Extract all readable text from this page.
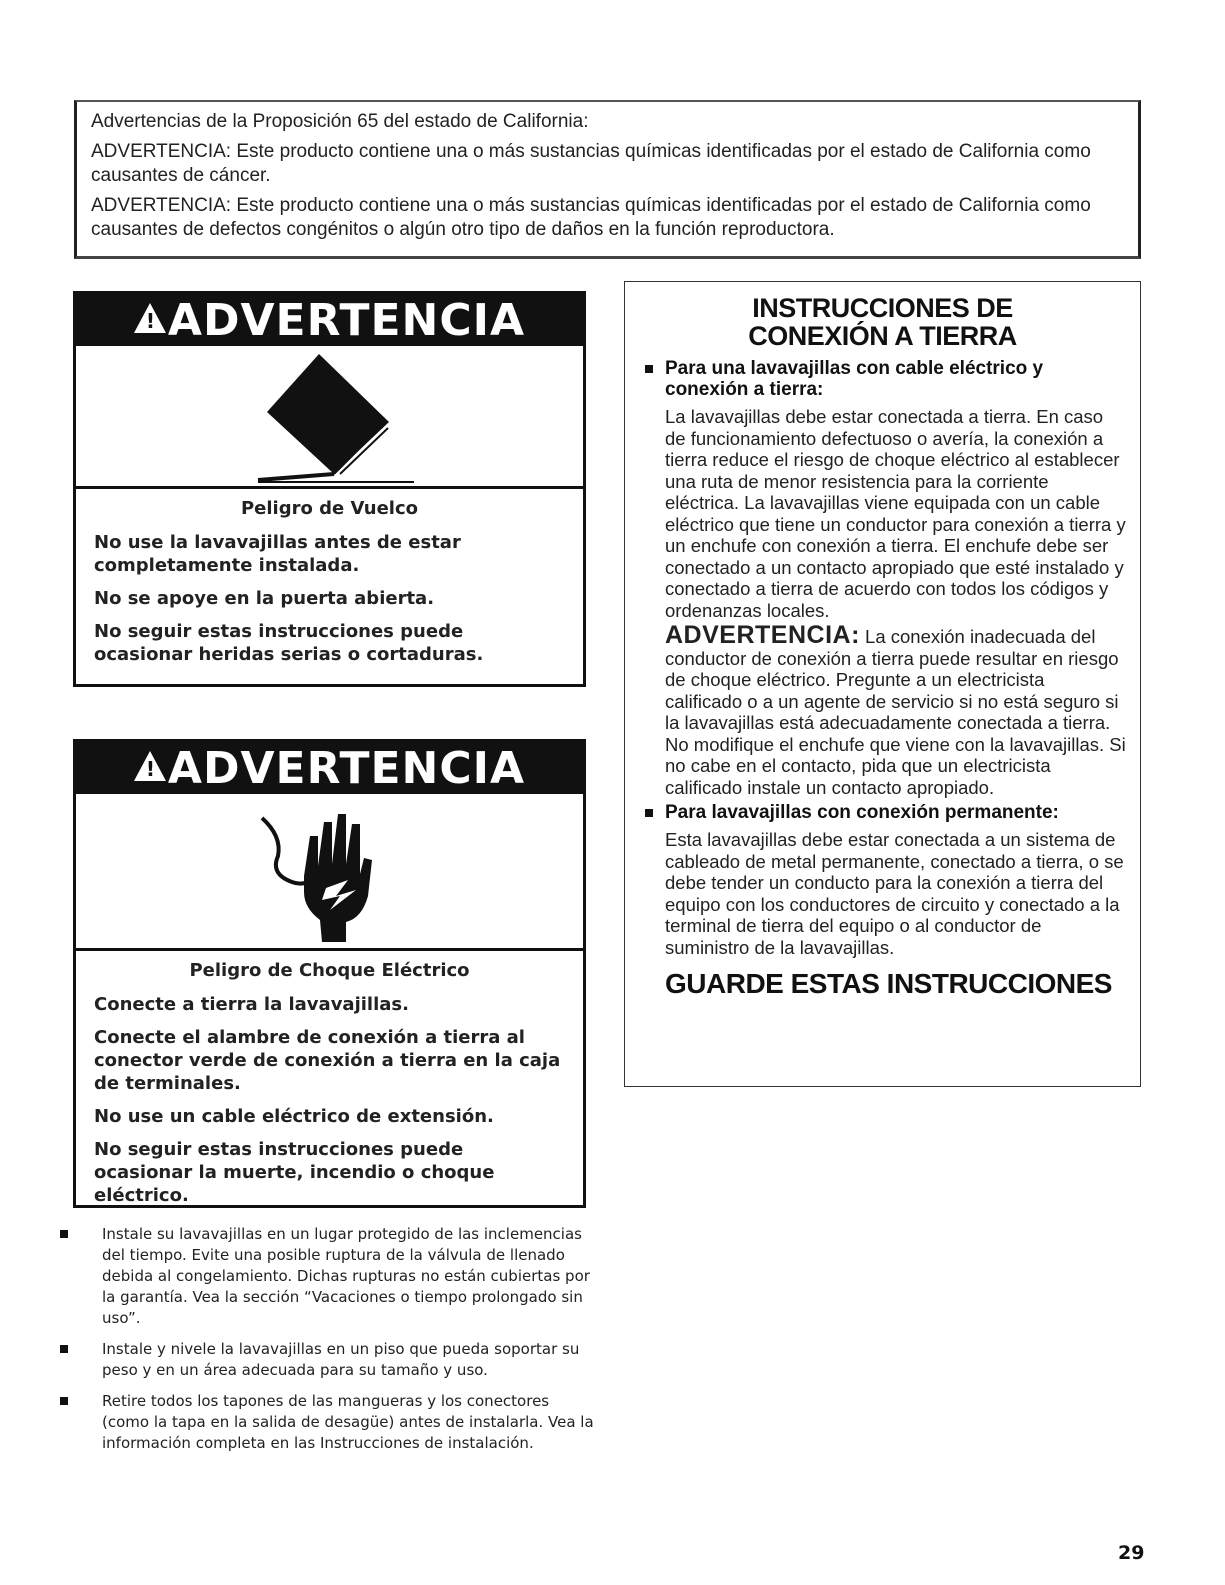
Advertencias de la Proposición 65 del estado de California:

ADVERTENCIA: Este producto contiene una o más sustancias químicas identificadas por el estado de California como causantes de cáncer.

ADVERTENCIA: Este producto contiene una o más sustancias químicas identificadas por el estado de California como causantes de defectos congénitos o algún otro tipo de daños en la función reproductora.

!
ADVERTENCIA

Peligro de Vuelco

No use la lavavajillas antes de estar completamente instalada.

No se apoye en la puerta abierta.

No seguir estas instrucciones puede ocasionar heridas serias o cortaduras.

!
ADVERTENCIA

Peligro de Choque Eléctrico

Conecte a tierra la lavavajillas.

Conecte el alambre de conexión a tierra al conector verde de conexión a tierra en la caja de terminales.

No use un cable eléctrico de extensión.

No seguir estas instrucciones puede ocasionar la muerte, incendio o choque eléctrico.

INSTRUCCIONES DE
CONEXIÓN A TIERRA

Para una lavavajillas con cable eléctrico y conexión a tierra:

La lavavajillas debe estar conectada a tierra. En caso de funcionamiento defectuoso o avería, la conexión a tierra reduce el riesgo de choque eléctrico al establecer una ruta de menor resistencia para la corriente eléctrica. La lavavajillas viene equipada con un cable eléctrico que tiene un conductor para conexión a tierra y un enchufe con conexión a tierra. El enchufe debe ser conectado a un contacto apropiado que esté instalado y conectado a tierra de acuerdo con todos los códigos y ordenanzas locales.

ADVERTENCIA: La conexión inadecuada del conductor de conexión a tierra puede resultar en riesgo de choque eléctrico. Pregunte a un electricista calificado o a un agente de servicio si no está seguro si la lavavajillas está adecuadamente conectada a tierra. No modifique el enchufe que viene con la lavavajillas. Si no cabe en el contacto, pida que un electricista calificado instale un contacto apropiado.

Para lavavajillas con conexión permanente:

Esta lavavajillas debe estar conectada a un sistema de cableado de metal permanente, conectado a tierra, o se debe tender un conducto para la conexión a tierra del equipo con los conductores de circuito y conectado a la terminal de tierra del equipo o al conductor de suministro de la lavavajillas.

GUARDE ESTAS INSTRUCCIONES
Instale su lavavajillas en un lugar protegido de las inclemencias del tiempo. Evite una posible ruptura de la válvula de llenado debida al congelamiento. Dichas rupturas no están cubiertas por la garantía. Vea la sección “Vacaciones o tiempo prolongado sin uso”.
Instale y nivele la lavavajillas en un piso que pueda soportar su peso y en un área adecuada para su tamaño y uso.
Retire todos los tapones de las mangueras y los conectores (como la tapa en la salida de desagüe) antes de instalarla. Vea la información completa en las Instrucciones de instalación.
29
